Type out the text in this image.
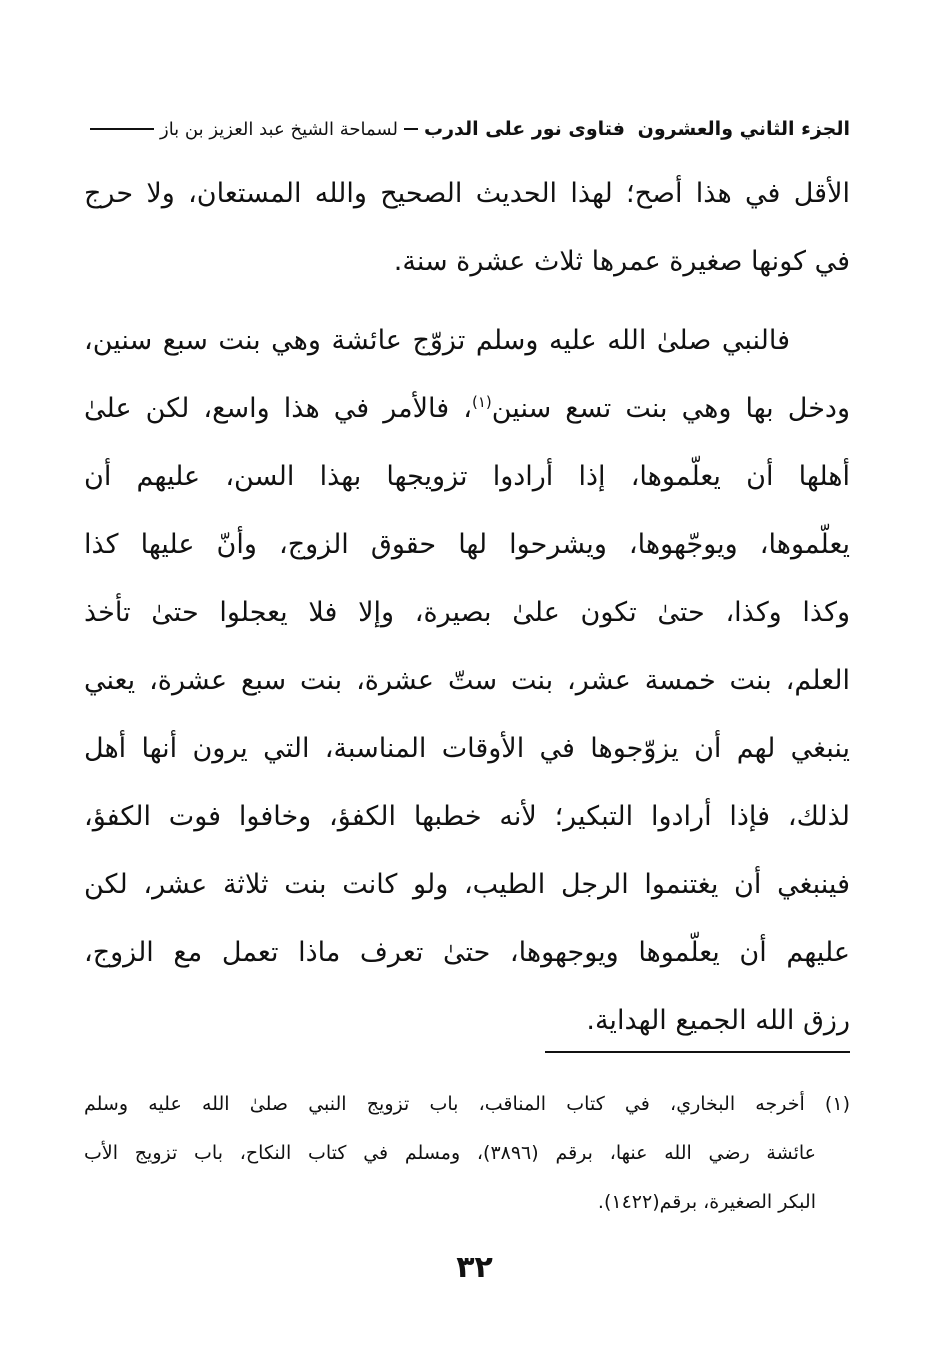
فتاوى نور على الدرب
لسماحة الشيخ عبد العزيز بن باز	الجزء الثاني والعشرون
الأقل في هذا أصح؛ لهذا الحديث الصحيح والله المستعان، ولا حرج
في كونها صغيرة عمرها ثلاث عشرة سنة.
فالنبي صلىٰ الله عليه وسلم تزوّج عائشة وهي بنت سبع سنين،
ودخل بها وهي بنت تسع سنين$^{(١)}$، فالأمر في هذا واسع، لكن علىٰ
أهلها أن يعلّموها، إذا أرادوا تزويجها بهذا السن، عليهم أن
يعلّموها، ويوجّهوها، ويشرحوا لها حقوق الزوج، وأنّ عليها كذا
وكذا وكذا، حتىٰ تكون علىٰ بصيرة، وإلا فلا يعجلوا حتىٰ تأخذ
العلم، بنت خمسة عشر، بنت ستّ عشرة، بنت سبع عشرة، يعني
ينبغي لهم أن يزوّجوها في الأوقات المناسبة، التي يرون أنها أهل
لذلك، فإذا أرادوا التبكير؛ لأنه خطبها الكفؤ، وخافوا فوت الكفؤ،
فينبغي أن يغتنموا الرجل الطيب، ولو كانت بنت ثلاثة عشر، لكن
عليهم أن يعلّموها ويوجهوها، حتىٰ تعرف ماذا تعمل مع الزوج،
رزق الله الجميع الهداية.
(١) أخرجه البخاري، في كتاب المناقب، باب تزويج النبي صلىٰ الله عليه وسلم
عائشة رضي الله عنها، برقم (٣٨٩٦)، ومسلم في كتاب النكاح، باب تزويج الأب
البكر الصغيرة، برقم(١٤٢٢).
٣٢
